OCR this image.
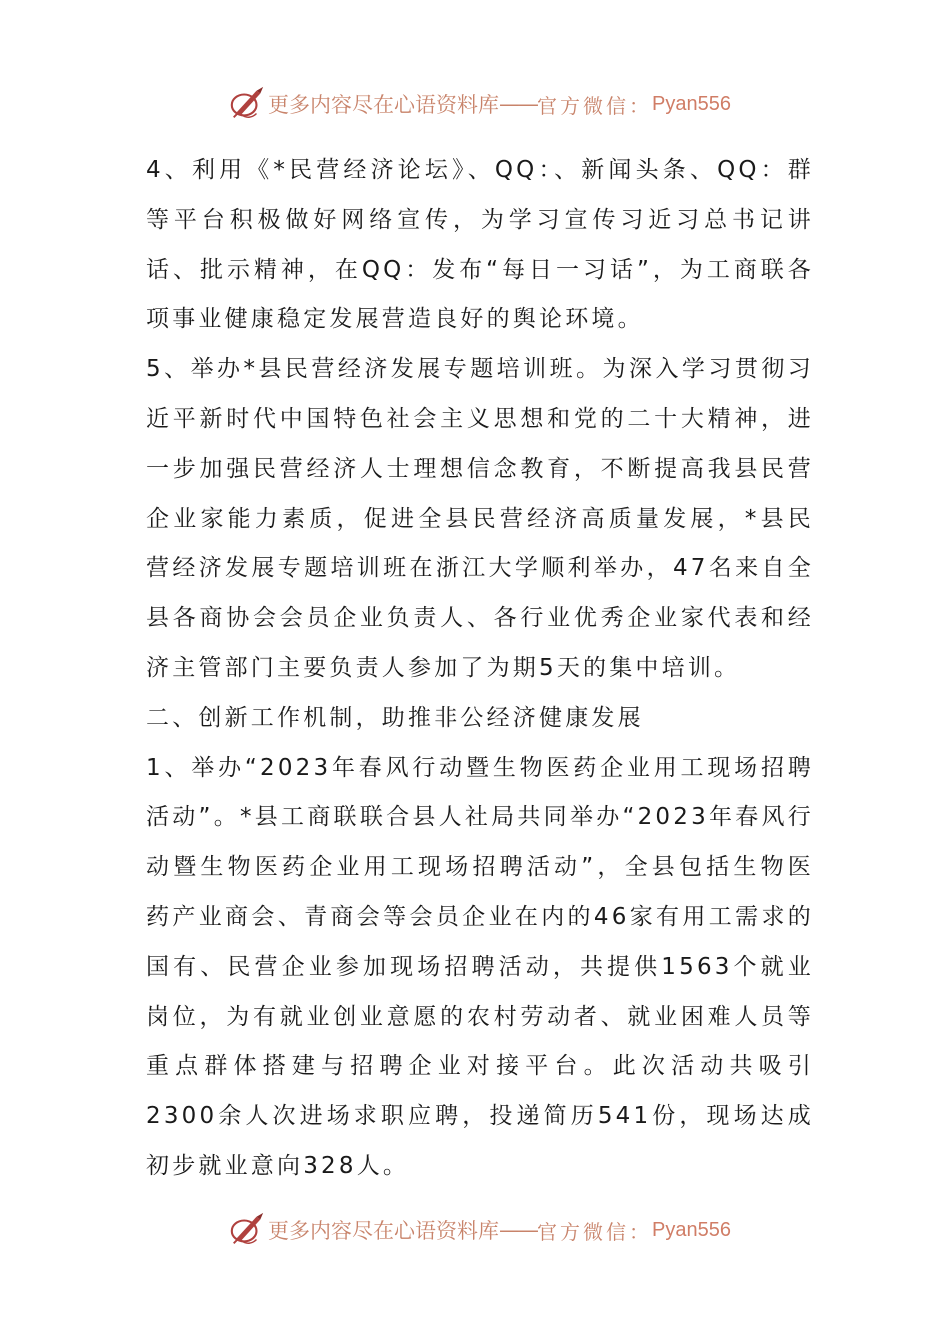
更多内容尽在心语资料库 —— 官方微信： Pyan556

4、利用《*民营经济论坛》、QQ：、新闻头条、QQ：群等平台积极做好网络宣传，为学习宣传习近习总书记讲话、批示精神，在QQ：发布“每日一习话”，为工商联各项事业健康稳定发展营造良好的舆论环境。

5、举办*县民营经济发展专题培训班。为深入学习贯彻习近平新时代中国特色社会主义思想和党的二十大精神，进一步加强民营经济人士理想信念教育，不断提高我县民营企业家能力素质，促进全县民营经济高质量发展，*县民营经济发展专题培训班在浙江大学顺利举办，47名来自全县各商协会会员企业负责人、各行业优秀企业家代表和经济主管部门主要负责人参加了为期5天的集中培训。

二、创新工作机制，助推非公经济健康发展

1、举办“2023年春风行动暨生物医药企业用工现场招聘活动”。*县工商联联合县人社局共同举办“2023年春风行动暨生物医药企业用工现场招聘活动”，全县包括生物医药产业商会、青商会等会员企业在内的46家有用工需求的国有、民营企业参加现场招聘活动，共提供1563个就业岗位，为有就业创业意愿的农村劳动者、就业困难人员等重点群体搭建与招聘企业对接平台。此次活动共吸引2300余人次进场求职应聘，投递简历541份，现场达成初步就业意向328人。

更多内容尽在心语资料库 —— 官方微信： Pyan556
